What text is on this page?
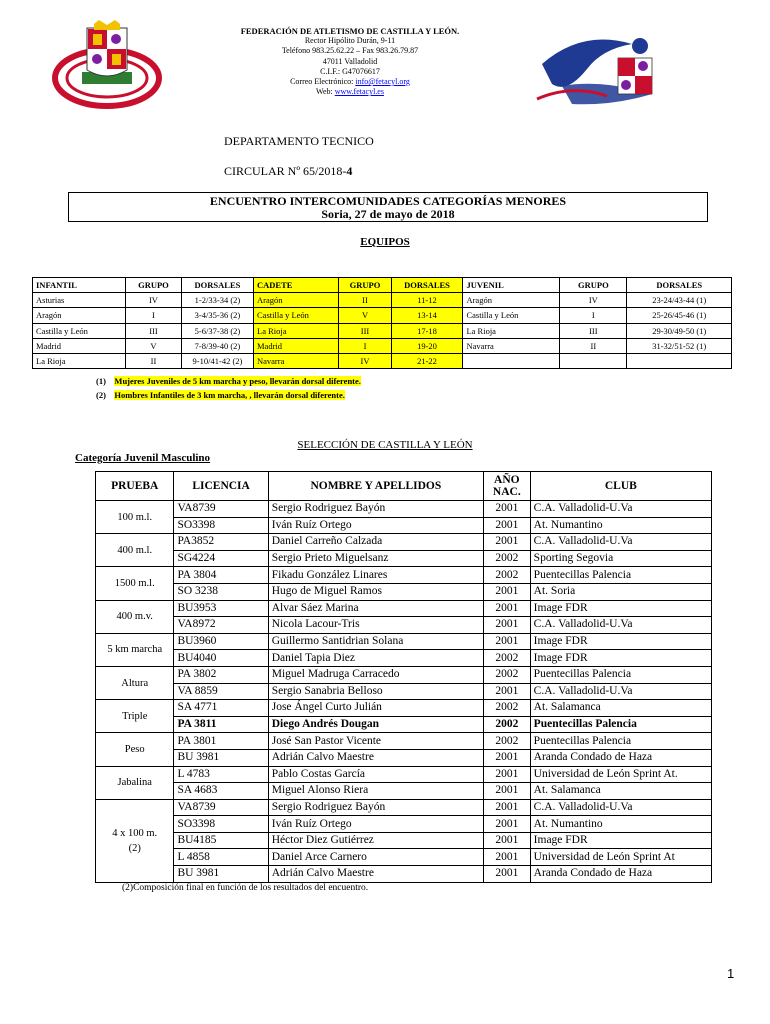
FEDERACIÓN DE ATLETISMO DE CASTILLA Y LEÓN.
Rector Hipólito Durán, 9-11
Teléfono 983.25.62.22 – Fax 983.26.79.87
47011 Valladolid
C.I.F.: G47076617
Correo Electrónico: info@fetacyl.org
Web: www.fetacyl.es
DEPARTAMENTO TECNICO
CIRCULAR Nº 65/2018-4
ENCUENTRO INTERCOMUNIDADES CATEGORÍAS MENORES
Soria, 27 de mayo de 2018
EQUIPOS
INFANTIL	GRUPO	DORSALES	CADETE	GRUPO	DORSALES	JUVENIL	GRUPO	DORSALES
Asturias	IV	1-2/33-34 (2)	Aragón	II	11-12	Aragón	IV	23-24/43-44 (1)
Aragón	I	3-4/35-36 (2)	Castilla y León	V	13-14	Castilla y León	I	25-26/45-46 (1)
Castilla y León	III	5-6/37-38 (2)	La Rioja	III	17-18	La Rioja	III	29-30/49-50 (1)
Madrid	V	7-8/39-40 (2)	Madrid	I	19-20	Navarra	II	31-32/51-52 (1)
La Rioja	II	9-10/41-42 (2)	Navarra	IV	21-22			
(1) Mujeres Juveniles de 5 km marcha y peso, llevarán dorsal diferente.
(2) Hombres Infantiles de 3 km marcha, , llevarán dorsal diferente.
SELECCIÓN DE CASTILLA Y LEÓN
Categoría Juvenil Masculino
PRUEBA	LICENCIA	NOMBRE Y APELLIDOS	AÑO NAC.	CLUB
100 m.l.	VA8739	Sergio Rodriguez Bayón	2001	C.A. Valladolid-U.Va
	SO3398	Iván Ruíz Ortego	2001	At. Numantino
400 m.l.	PA3852	Daniel Carreño Calzada	2001	C.A. Valladolid-U.Va
	SG4224	Sergio Prieto Miguelsanz	2002	Sporting Segovia
1500 m.l.	PA 3804	Fikadu González Linares	2002	Puentecillas Palencia
	SO 3238	Hugo de Miguel Ramos	2001	At. Soria
400 m.v.	BU3953	Alvar Sáez Marina	2001	Image FDR
	VA8972	Nicola Lacour-Tris	2001	C.A. Valladolid-U.Va
5 km marcha	BU3960	Guillermo Santidrian Solana	2001	Image FDR
	BU4040	Daniel Tapia Diez	2002	Image FDR
Altura	PA 3802	Miguel Madruga Carracedo	2002	Puentecillas Palencia
	VA 8859	Sergio Sanabria Belloso	2001	C.A. Valladolid-U.Va
Triple	SA 4771	Jose Ángel Curto Julián	2002	At. Salamanca
	PA 3811	Diego Andrés Dougan	2002	Puentecillas Palencia
Peso	PA 3801	José San Pastor Vicente	2002	Puentecillas Palencia
	BU 3981	Adrián Calvo Maestre	2001	Aranda Condado de Haza
Jabalina	L 4783	Pablo Costas García	2001	Universidad de León Sprint At.
	SA 4683	Miguel Alonso Riera	2001	At. Salamanca
4 x 100 m.
(2)	VA8739	Sergio Rodriguez Bayón	2001	C.A. Valladolid-U.Va
	SO3398	Iván Ruíz Ortego	2001	At. Numantino
	BU4185	Héctor Diez Gutiérrez	2001	Image FDR
	L 4858	Daniel Arce Carnero	2001	Universidad de León Sprint At
	BU 3981	Adrián Calvo Maestre	2001	Aranda Condado de Haza
(2)Composición final en función de los resultados del encuentro.
1
